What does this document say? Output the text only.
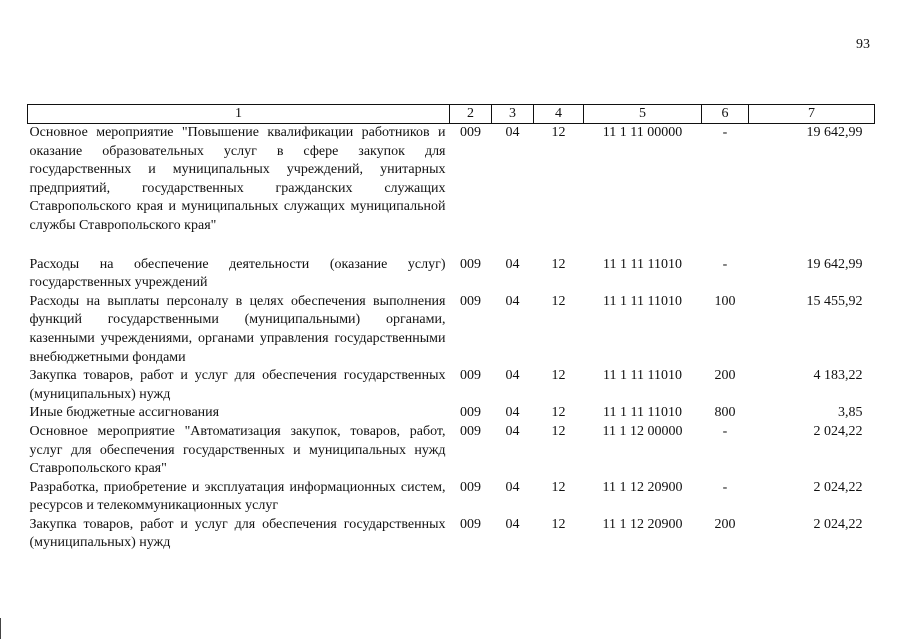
93
1	2	3	4	5	6	7
Основное мероприятие "Повышение квалификации работников и оказание образовательных услуг в сфере закупок для государственных и муниципальных учреждений, унитарных предприятий, государственных гражданских служащих Ставропольского края и муниципальных служащих муниципальной службы Ставропольского края"	009	04	12	11 1 11 00000	-	19 642,99

Расходы на обеспечение деятельности (оказание услуг) государственных учреждений	009	04	12	11 1 11 11010	-	19 642,99
Расходы на выплаты персоналу в целях обеспечения выполнения функций государственными (муниципальными) органами, казенными учреждениями, органами управления государственными внебюджетными фондами	009	04	12	11 1 11 11010	100	15 455,92
Закупка товаров, работ и услуг для обеспечения государственных (муниципальных) нужд	009	04	12	11 1 11 11010	200	4 183,22
Иные бюджетные ассигнования	009	04	12	11 1 11 11010	800	3,85
Основное мероприятие "Автоматизация закупок, товаров, работ, услуг для обеспечения государственных и муниципальных нужд Ставропольского края"	009	04	12	11 1 12 00000	-	2 024,22
Разработка, приобретение и эксплуатация информационных систем, ресурсов и телекоммуникационных услуг	009	04	12	11 1 12 20900	-	2 024,22
Закупка товаров, работ и услуг для обеспечения государственных (муниципальных) нужд	009	04	12	11 1 12 20900	200	2 024,22
